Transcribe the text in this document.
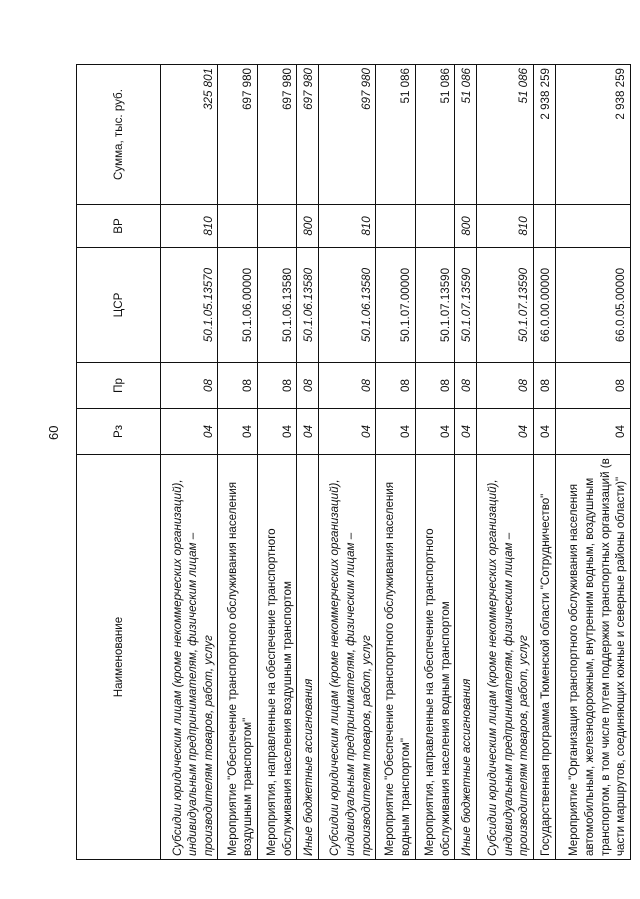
60
Наименование	Рз	Пр	ЦСР	ВР	Сумма, тыс. руб.
Субсидии юридическим лицам (кроме некоммерческих организаций), индивидуальным предпринимателям, физическим лицам – производителям товаров, работ, услуг	04	08	50.1.05.13570	810	325 801
Мероприятие "Обеспечение транспортного обслуживания населения воздушным транспортом"	04	08	50.1.06.00000		697 980
Мероприятия, направленные на обеспечение транспортного обслуживания населения воздушным транспортом	04	08	50.1.06.13580		697 980
Иные бюджетные ассигнования	04	08	50.1.06.13580	800	697 980
Субсидии юридическим лицам (кроме некоммерческих организаций), индивидуальным предпринимателям, физическим лицам – производителям товаров, работ, услуг	04	08	50.1.06.13580	810	697 980
Мероприятие "Обеспечение транспортного обслуживания населения водным транспортом"	04	08	50.1.07.00000		51 086
Мероприятия, направленные на обеспечение транспортного обслуживания населения водным транспортом	04	08	50.1.07.13590		51 086
Иные бюджетные ассигнования	04	08	50.1.07.13590	800	51 086
Субсидии юридическим лицам (кроме некоммерческих организаций), индивидуальным предпринимателям, физическим лицам – производителям товаров, работ, услуг	04	08	50.1.07.13590	810	51 086
Государственная программа Тюменской области "Сотрудничество"	04	08	66.0.00.00000		2 938 259
Мероприятие "Организация транспортного обслуживания населения автомобильным, железнодорожным, внутренним водным, воздушным транспортом, в том числе путем поддержки транспортных организаций (в части маршрутов, соединяющих южные и северные районы области)"	04	08	66.0.05.00000		2 938 259
